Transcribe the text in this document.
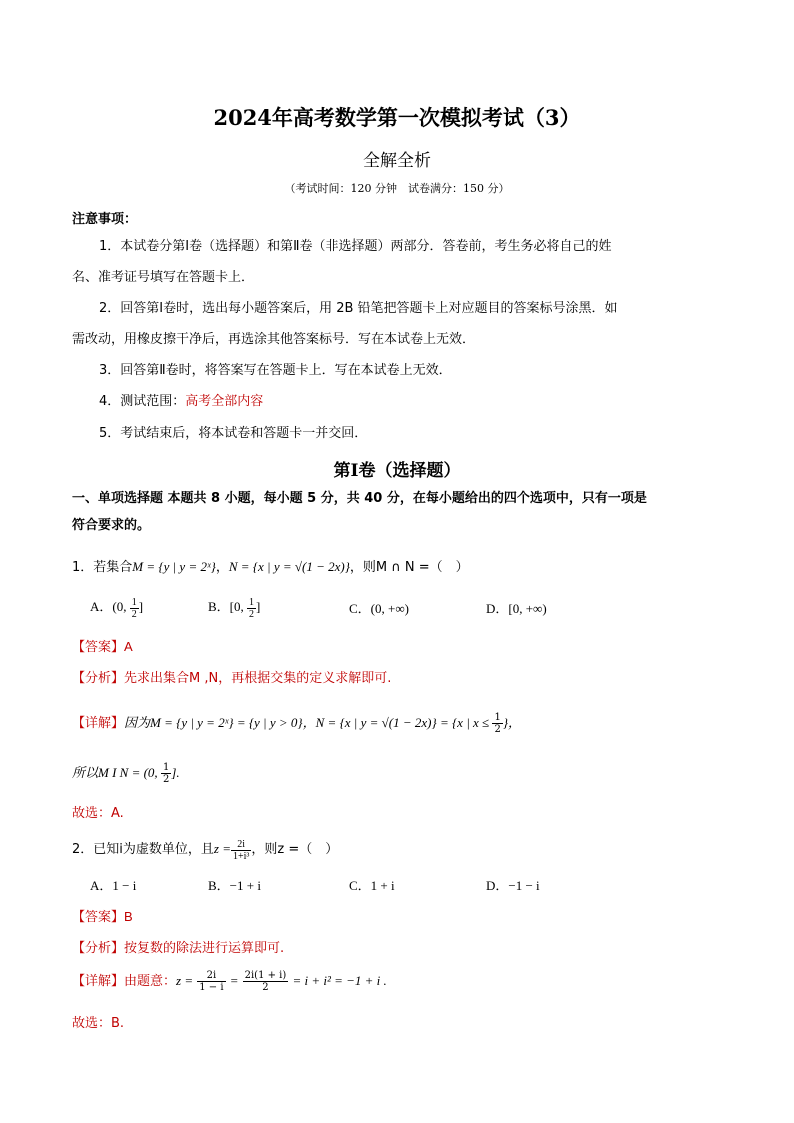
2024年高考数学第一次模拟考试（3）
全解全析
（考试时间：120 分钟　试卷满分：150 分）
注意事项：
1．本试卷分第Ⅰ卷（选择题）和第Ⅱ卷（非选择题）两部分．答卷前，考生务必将自己的姓
名、准考证号填写在答题卡上．
2．回答第Ⅰ卷时，选出每小题答案后，用 2B 铅笔把答题卡上对应题目的答案标号涂黑．如
需改动，用橡皮擦干净后，再选涂其他答案标号．写在本试卷上无效．
3．回答第Ⅱ卷时，将答案写在答题卡上．写在本试卷上无效．
4．测试范围：高考全部内容
5．考试结束后，将本试卷和答题卡一并交回．
第Ⅰ卷（选择题）
一、单项选择题 本题共 8 小题，每小题 5 分，共 40 分，在每小题给出的四个选项中，只有一项是
符合要求的。
1．若集合M = {y | y = 2ˣ}，N = {x | y = √(1 − 2x)}，则M ∩ N =（　）
A．(0, $\frac{1}{2}$ ]	B．[0, $\frac{1}{2}$ ]	C．(0, +∞)	D．[0, +∞)
【答案】A
【分析】先求出集合M ,N，再根据交集的定义求解即可.
【详解】因为M = {y | y = 2ˣ} = {y | y > 0}，N = {x | y = √(1 − 2x)} = {x | $x \le \frac{1}{2}$ }，
所以M I N = (0, $\frac{1}{2}$ ].
故选：A.
2．已知i为虚数单位，且$z = \frac{2i}{\text{1+i³}}$ ，则z =（　）
A．1 − i	B．−1 + i	C．1 + i	D．−1 − i
【答案】B
【分析】按复数的除法进行运算即可.
【详解】由题意：$z = \frac{2i}{1 - i} = \frac{2i(1 + i)}{2} = i + i^2 = -1 + i$ .
故选：B.
